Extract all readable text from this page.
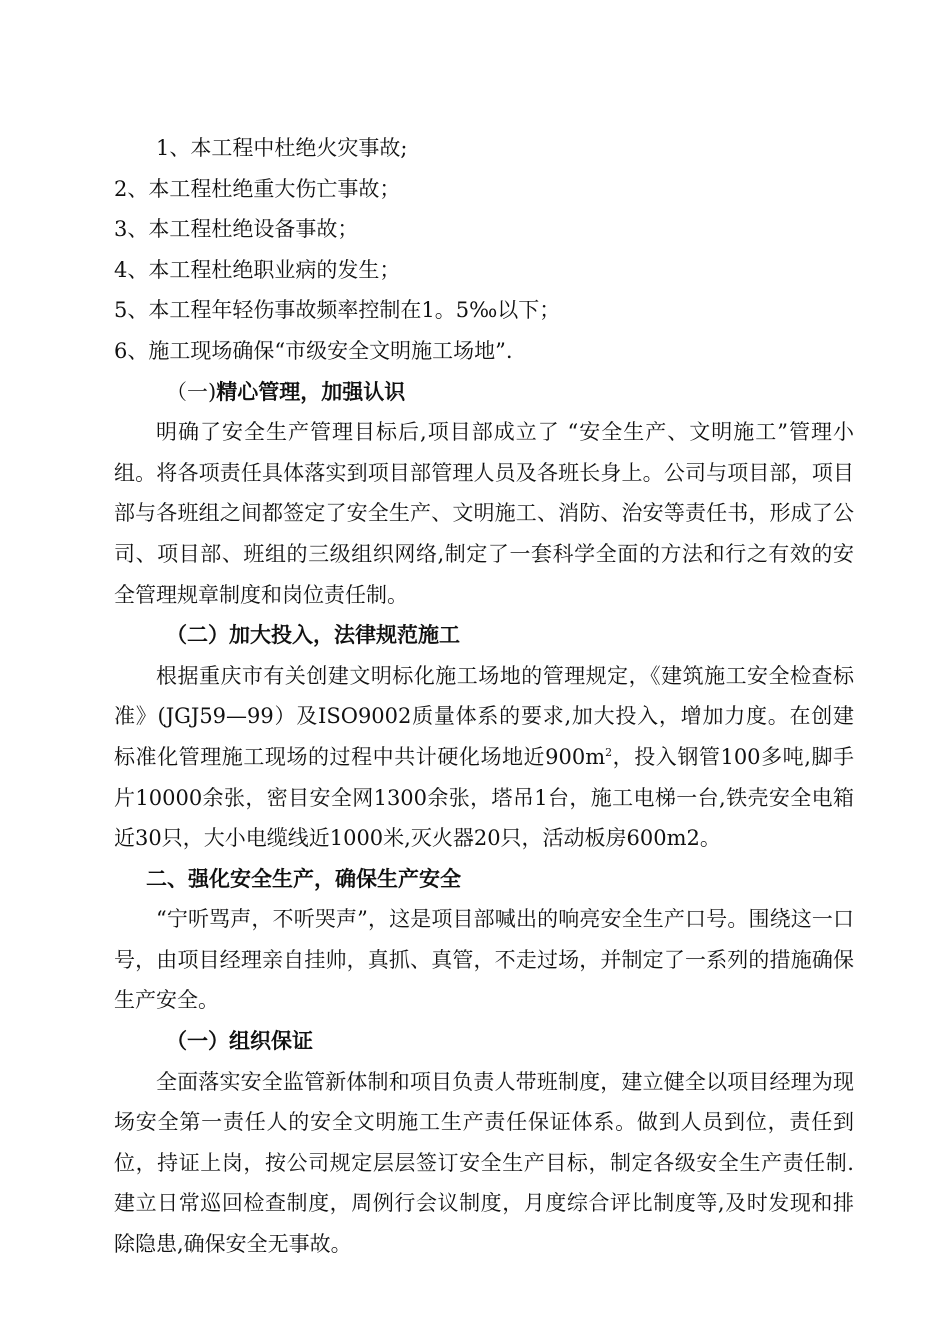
1、本工程中杜绝火灾事故;
2、本工程杜绝重大伤亡事故；
3、本工程杜绝设备事故；
4、本工程杜绝职业病的发生；
5、本工程年轻伤事故频率控制在1。5‰以下；
6、施工现场确保“市级安全文明施工场地”.
（一)精心管理，加强认识
明确了安全生产管理目标后,项目部成立了 “安全生产、文明施工”管理小组。将各项责任具体落实到项目部管理人员及各班长身上。公司与项目部，项目部与各班组之间都签定了安全生产、文明施工、消防、治安等责任书，形成了公司、项目部、班组的三级组织网络,制定了一套科学全面的方法和行之有效的安全管理规章制度和岗位责任制。
（二）加大投入，法律规范施工
根据重庆市有关创建文明标化施工场地的管理规定，《建筑施工安全检查标准》(JGJ59—99）及ISO9002质量体系的要求,加大投入，增加力度。在创建标准化管理施工现场的过程中共计硬化场地近$900m^2$，投入钢管100多吨,脚手片10000余张，密目安全网1300余张，塔吊1台，施工电梯一台,铁壳安全电箱近30只，大小电缆线近1000米,灭火器20只，活动板房600m2。
二、强化安全生产，确保生产安全
“宁听骂声，不听哭声”，这是项目部喊出的响亮安全生产口号。围绕这一口号，由项目经理亲自挂帅，真抓、真管，不走过场，并制定了一系列的措施确保生产安全。
（一）组织保证
全面落实安全监管新体制和项目负责人带班制度，建立健全以项目经理为现场安全第一责任人的安全文明施工生产责任保证体系。做到人员到位，责任到位，持证上岗，按公司规定层层签订安全生产目标，制定各级安全生产责任制.建立日常巡回检查制度，周例行会议制度，月度综合评比制度等,及时发现和排除隐患,确保安全无事故。
